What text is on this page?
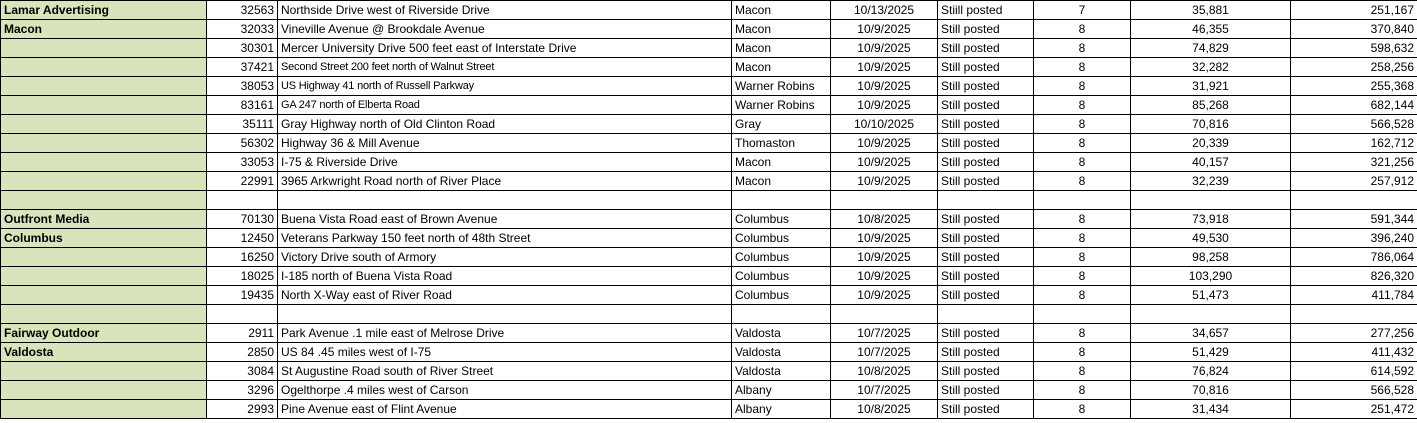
Lamar Advertising	32563	Northside Drive west of Riverside Drive	Macon	10/13/2025	Stiill posted	7	35,881	251,167
Macon	32033	Vineville Avenue @ Brookdale Avenue	Macon	10/9/2025	Still posted	8	46,355	370,840
	30301	Mercer University Drive 500 feet east of Interstate Drive	Macon	10/9/2025	Still posted	8	74,829	598,632
	37421	Second Street 200 feet north of Walnut Street	Macon	10/9/2025	Still posted	8	32,282	258,256
	38053	US Highway 41 north of Russell Parkway	Warner Robins	10/9/2025	Still posted	8	31,921	255,368
	83161	GA 247 north of Elberta Road	Warner Robins	10/9/2025	Still posted	8	85,268	682,144
	35111	Gray Highway north of Old Clinton Road	Gray	10/10/2025	Still posted	8	70,816	566,528
	56302	Highway 36 & Mill Avenue	Thomaston	10/9/2025	Still posted	8	20,339	162,712
	33053	I-75 & Riverside Drive	Macon	10/9/2025	Still posted	8	40,157	321,256
	22991	3965 Arkwright Road north of River Place	Macon	10/9/2025	Still posted	8	32,239	257,912

Outfront Media	70130	Buena Vista Road east of Brown Avenue	Columbus	10/8/2025	Still posted	8	73,918	591,344
Columbus	12450	Veterans Parkway 150 feet north of 48th Street	Columbus	10/9/2025	Still posted	8	49,530	396,240
	16250	Victory Drive south of Armory	Columbus	10/9/2025	Still posted	8	98,258	786,064
	18025	I-185 north of Buena Vista Road	Columbus	10/9/2025	Still posted	8	103,290	826,320
	19435	North X-Way east of River Road	Columbus	10/9/2025	Still posted	8	51,473	411,784

Fairway Outdoor	2911	Park Avenue .1 mile east of Melrose Drive	Valdosta	10/7/2025	Still posted	8	34,657	277,256
Valdosta	2850	US 84 .45 miles west of I-75	Valdosta	10/7/2025	Still posted	8	51,429	411,432
	3084	St Augustine Road south of River Street	Valdosta	10/8/2025	Still posted	8	76,824	614,592
	3296	Ogelthorpe .4 miles west of Carson	Albany	10/7/2025	Still posted	8	70,816	566,528
	2993	Pine Avenue east of Flint Avenue	Albany	10/8/2025	Still posted	8	31,434	251,472
